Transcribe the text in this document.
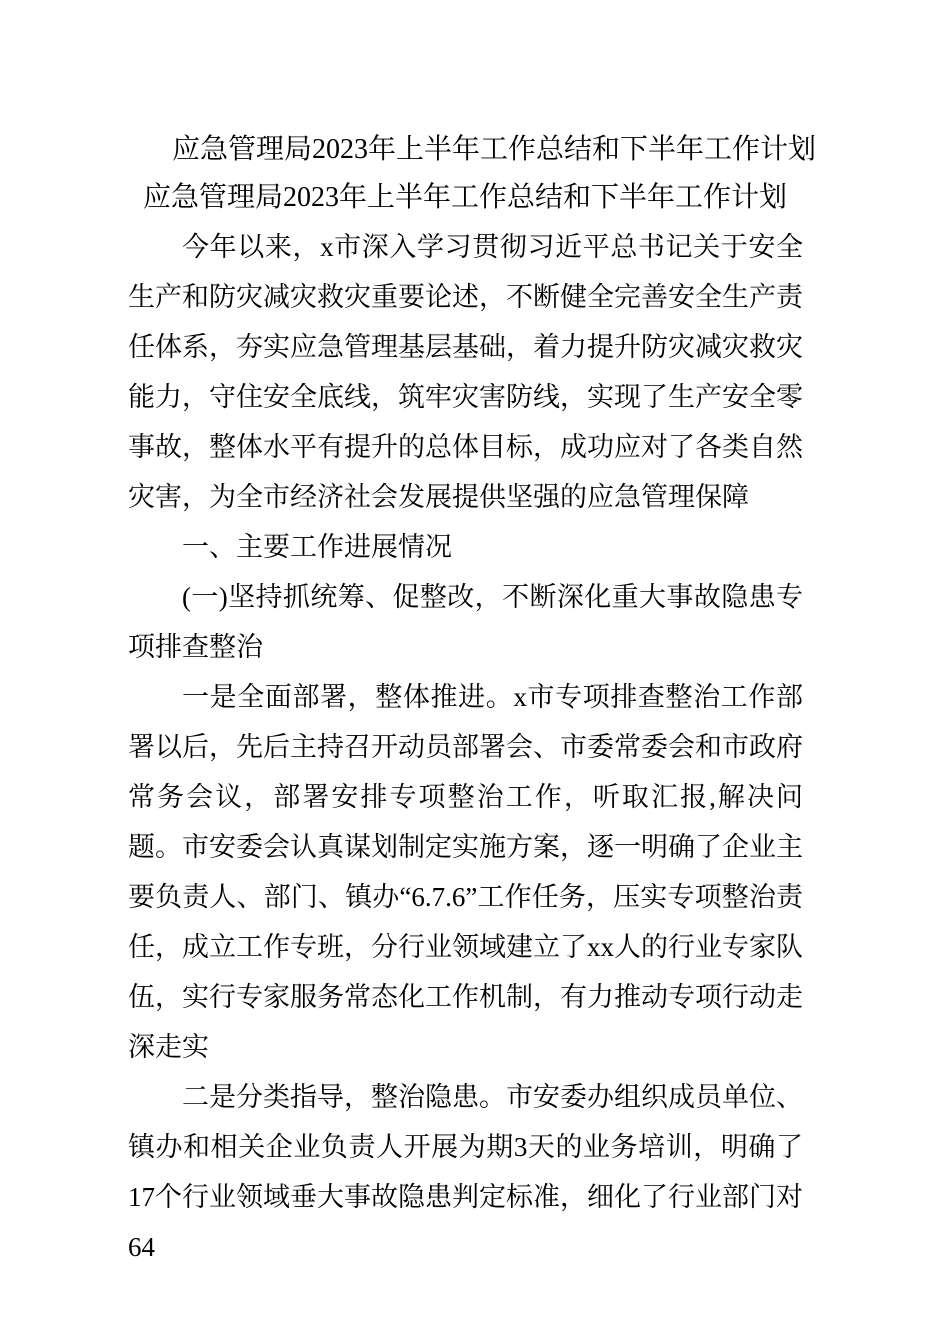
应急管理局2023年上半年工作总结和下半年工作计划

应急管理局2023年上半年工作总结和下半年工作计划

今年以来，x市深入学习贯彻习近平总书记关于安全生产和防灾减灾救灾重要论述，不断健全完善安全生产责任体系，夯实应急管理基层基础，着力提升防灾减灾救灾能力，守住安全底线，筑牢灾害防线，实现了生产安全零事故，整体水平有提升的总体目标，成功应对了各类自然灾害，为全市经济社会发展提供坚强的应急管理保障

一、主要工作进展情况

(一)坚持抓统筹、促整改，不断深化重大事故隐患专项排查整治

一是全面部署，整体推进。x市专项排查整治工作部署以后，先后主持召开动员部署会、市委常委会和市政府常务会议，部署安排专项整治工作，听取汇报,解决问题。市安委会认真谋划制定实施方案，逐一明确了企业主要负责人、部门、镇办“6.7.6”工作任务，压实专项整治责任，成立工作专班，分行业领域建立了xx人的行业专家队伍，实行专家服务常态化工作机制，有力推动专项行动走深走实

二是分类指导，整治隐患。市安委办组织成员单位、镇办和相关企业负责人开展为期3天的业务培训，明确了17个行业领域垂大事故隐患判定标准，细化了行业部门对64
